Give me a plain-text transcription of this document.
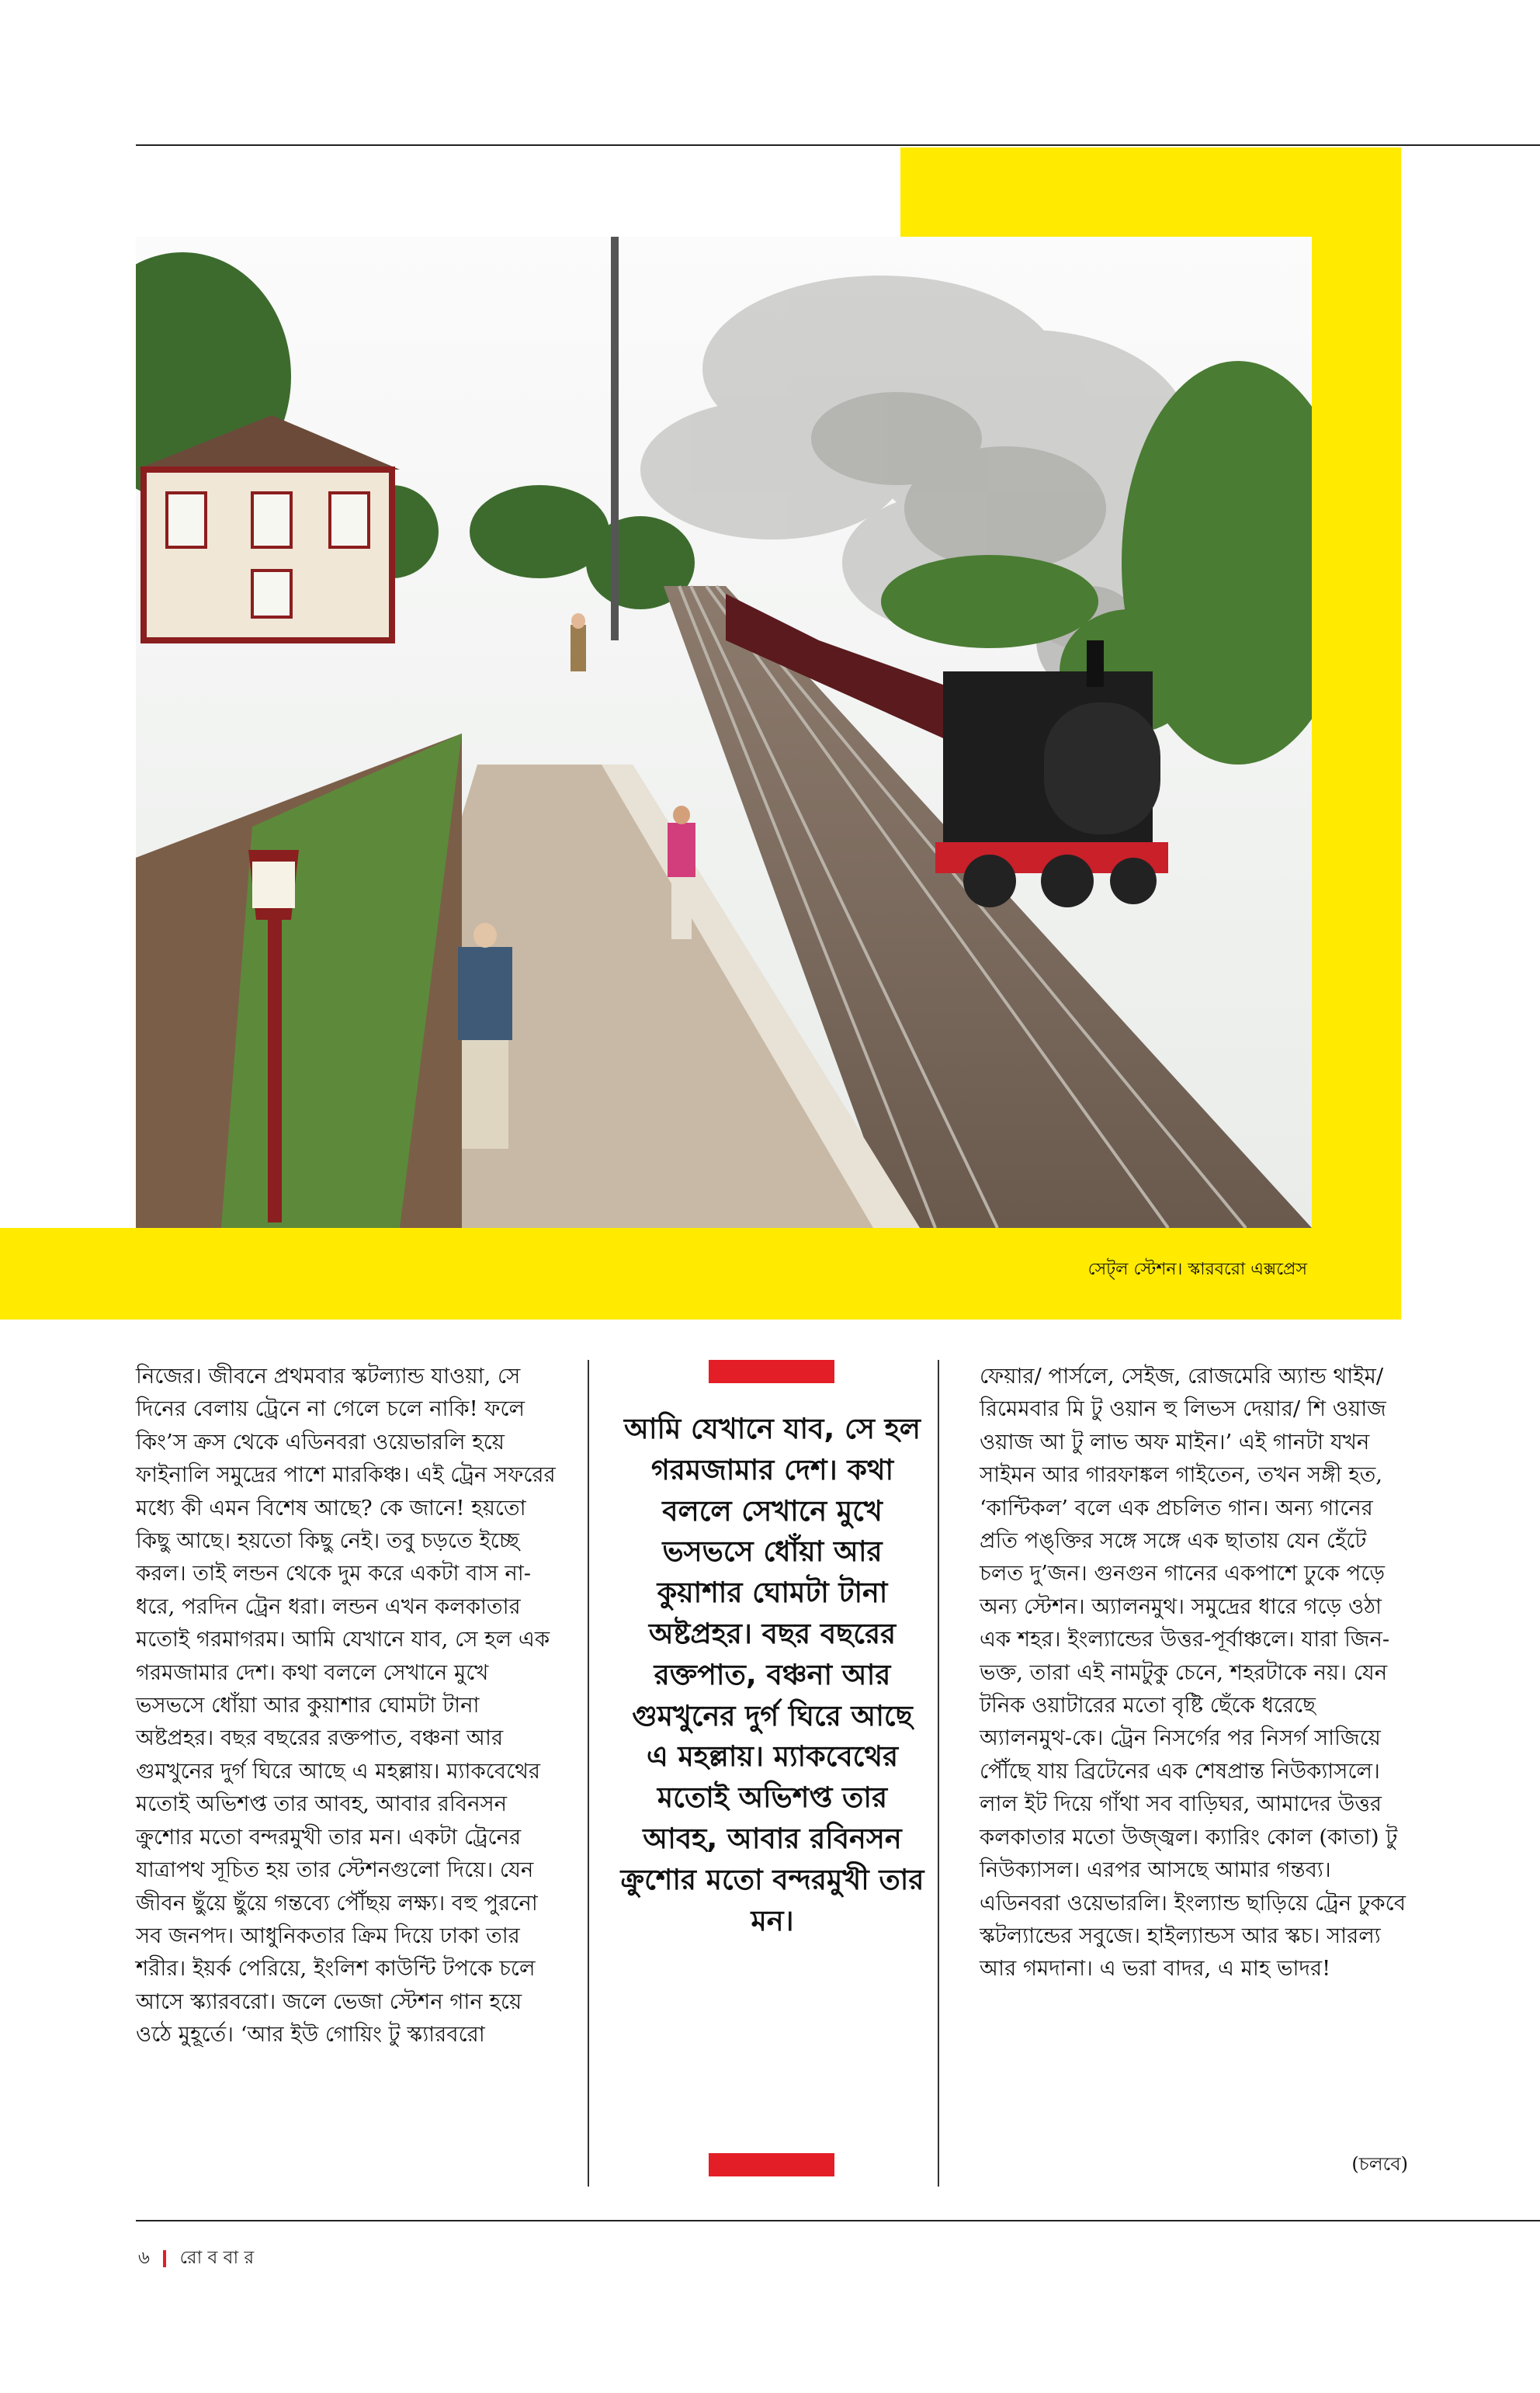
সেট্‌ল স্টেশন। স্কারবরো এক্সপ্রেস

নিজের। জীবনে প্রথমবার স্কটল্যান্ড যাওয়া, সে দিনের বেলায় ট্রেনে না গেলে চলে নাকি! ফলে কিং’স ক্রস থেকে এডিনবরা ওয়েভারলি হয়ে ফাইনালি সমুদ্রের পাশে মারকিঞ্চ। এই ট্রেন সফরের মধ্যে কী এমন বিশেষ আছে? কে জানে! হয়তো কিছু আছে। হয়তো কিছু নেই। তবু চড়তে ইচ্ছে করল। তাই লন্ডন থেকে দুম করে একটা বাস না-ধরে, পরদিন ট্রেন ধরা। লন্ডন এখন কলকাতার মতোই গরমাগরম। আমি যেখানে যাব, সে হল এক গরমজামার দেশ। কথা বললে সেখানে মুখে ভসভসে ধোঁয়া আর কুয়াশার ঘোমটা টানা অষ্টপ্রহর। বছর বছরের রক্তপাত, বঞ্চনা আর গুমখুনের দুর্গ ঘিরে আছে এ মহল্লায়। ম্যাকবেথের মতোই অভিশপ্ত তার আবহ, আবার রবিনসন ক্রুশোর মতো বন্দরমুখী তার মন। একটা ট্রেনের যাত্রাপথ সূচিত হয় তার স্টেশনগুলো দিয়ে। যেন জীবন ছুঁয়ে ছুঁয়ে গন্তব্যে পৌঁছয় লক্ষ্য। বহু পুরনো সব জনপদ। আধুনিকতার ক্রিম দিয়ে ঢাকা তার শরীর। ইয়র্ক পেরিয়ে, ইংলিশ কাউন্টি টপকে চলে আসে স্ক্যারবরো। জলে ভেজা স্টেশন গান হয়ে ওঠে মুহূর্তে। ‘আর ইউ গোয়িং টু স্ক্যারবরো

আমি যেখানে যাব, সে হল গরমজামার দেশ। কথা বললে সেখানে মুখে ভসভসে ধোঁয়া আর কুয়াশার ঘোমটা টানা অষ্টপ্রহর। বছর বছরের রক্তপাত, বঞ্চনা আর গুমখুনের দুর্গ ঘিরে আছে এ মহল্লায়। ম্যাকবেথের মতোই অভিশপ্ত তার আবহ, আবার রবিনসন ক্রুশোর মতো বন্দরমুখী তার মন।

ফেয়ার/ পার্সলে, সেইজ, রোজমেরি অ্যান্ড থাইম/ রিমেমবার মি টু ওয়ান হু লিভস দেয়ার/ শি ওয়াজ ওয়াজ আ টু লাভ অফ মাইন।’ এই গানটা যখন সাইমন আর গারফাঙ্কল গাইতেন, তখন সঙ্গী হত, ‘কান্টিকল’ বলে এক প্রচলিত গান। অন্য গানের প্রতি পঙ্‌ক্তির সঙ্গে সঙ্গে এক ছাতায় যেন হেঁটে চলত দু’জন। গুনগুন গানের একপাশে ঢুকে পড়ে অন্য স্টেশন। অ্যালনমুথ। সমুদ্রের ধারে গড়ে ওঠা এক শহর। ইংল্যান্ডের উত্তর-পূর্বাঞ্চলে। যারা জিন-ভক্ত, তারা এই নামটুকু চেনে, শহরটাকে নয়। যেন টনিক ওয়াটারের মতো বৃষ্টি ছেঁকে ধরেছে অ্যালনমুথ-কে। ট্রেন নিসর্গের পর নিসর্গ সাজিয়ে পৌঁছে যায় ব্রিটেনের এক শেষপ্রান্ত নিউক্যাসলে। লাল ইট দিয়ে গাঁথা সব বাড়িঘর, আমাদের উত্তর কলকাতার মতো উজ্জ্বল। ক্যারিং কোল (কাতা) টু নিউক্যাসল। এরপর আসছে আমার গন্তব্য। এডিনবরা ওয়েভারলি। ইংল্যান্ড ছাড়িয়ে ট্রেন ঢুকবে স্কটল্যান্ডের সবুজে। হাইল্যান্ডস আর স্কচ। সারল্য আর গমদানা। এ ভরা বাদর, এ মাহ ভাদর!

(চলবে)
৬ রো ব বা র
